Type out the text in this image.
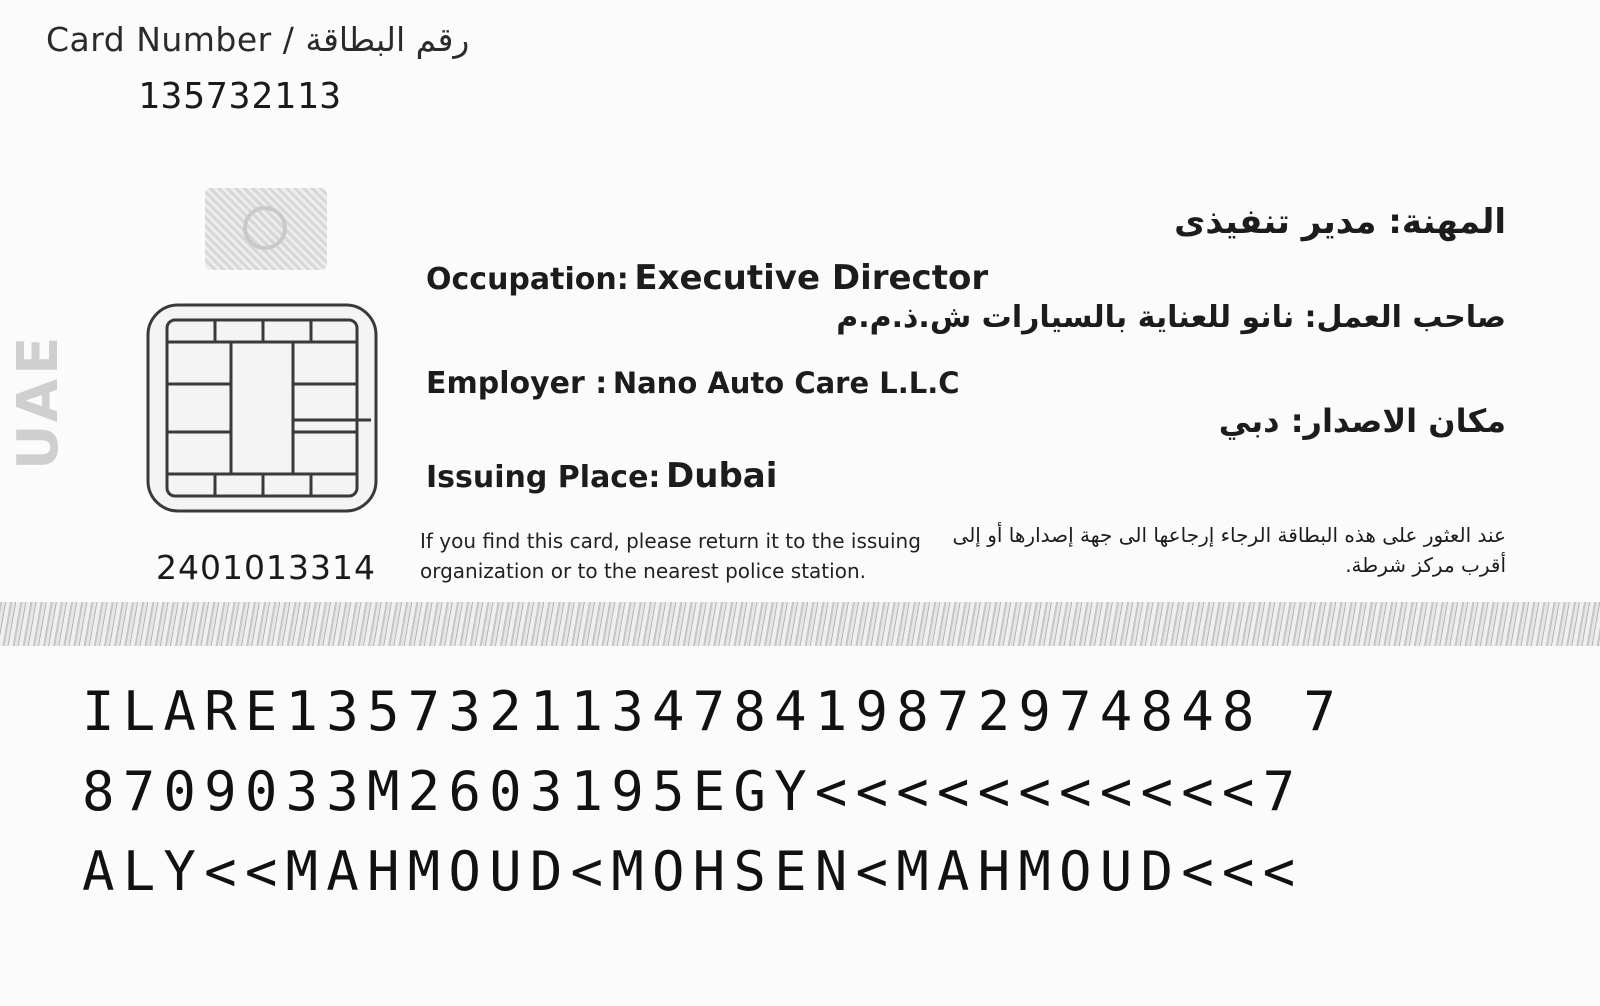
Card Number / رقم البطاقة
135732113
UAE
2401013314
المهنة: مدير تنفيذى
Occupation: Executive Director
صاحب العمل: نانو للعناية بالسيارات ش.ذ.م.م
Employer : Nano Auto Care L.L.C
مكان الاصدار: دبي
Issuing Place: Dubai
If you find this card, please return it to the issuing
organization or to the nearest police station.
عند العثور على هذه البطاقة الرجاء إرجاعها الى جهة إصدارها أو إلى أقرب مركز شرطة.
ILARE135732113478419872974848 7
8709033M2603195EGY<<<<<<<<<<<7
ALY<<MAHMOUD<MOHSEN<MAHMOUD<<<
